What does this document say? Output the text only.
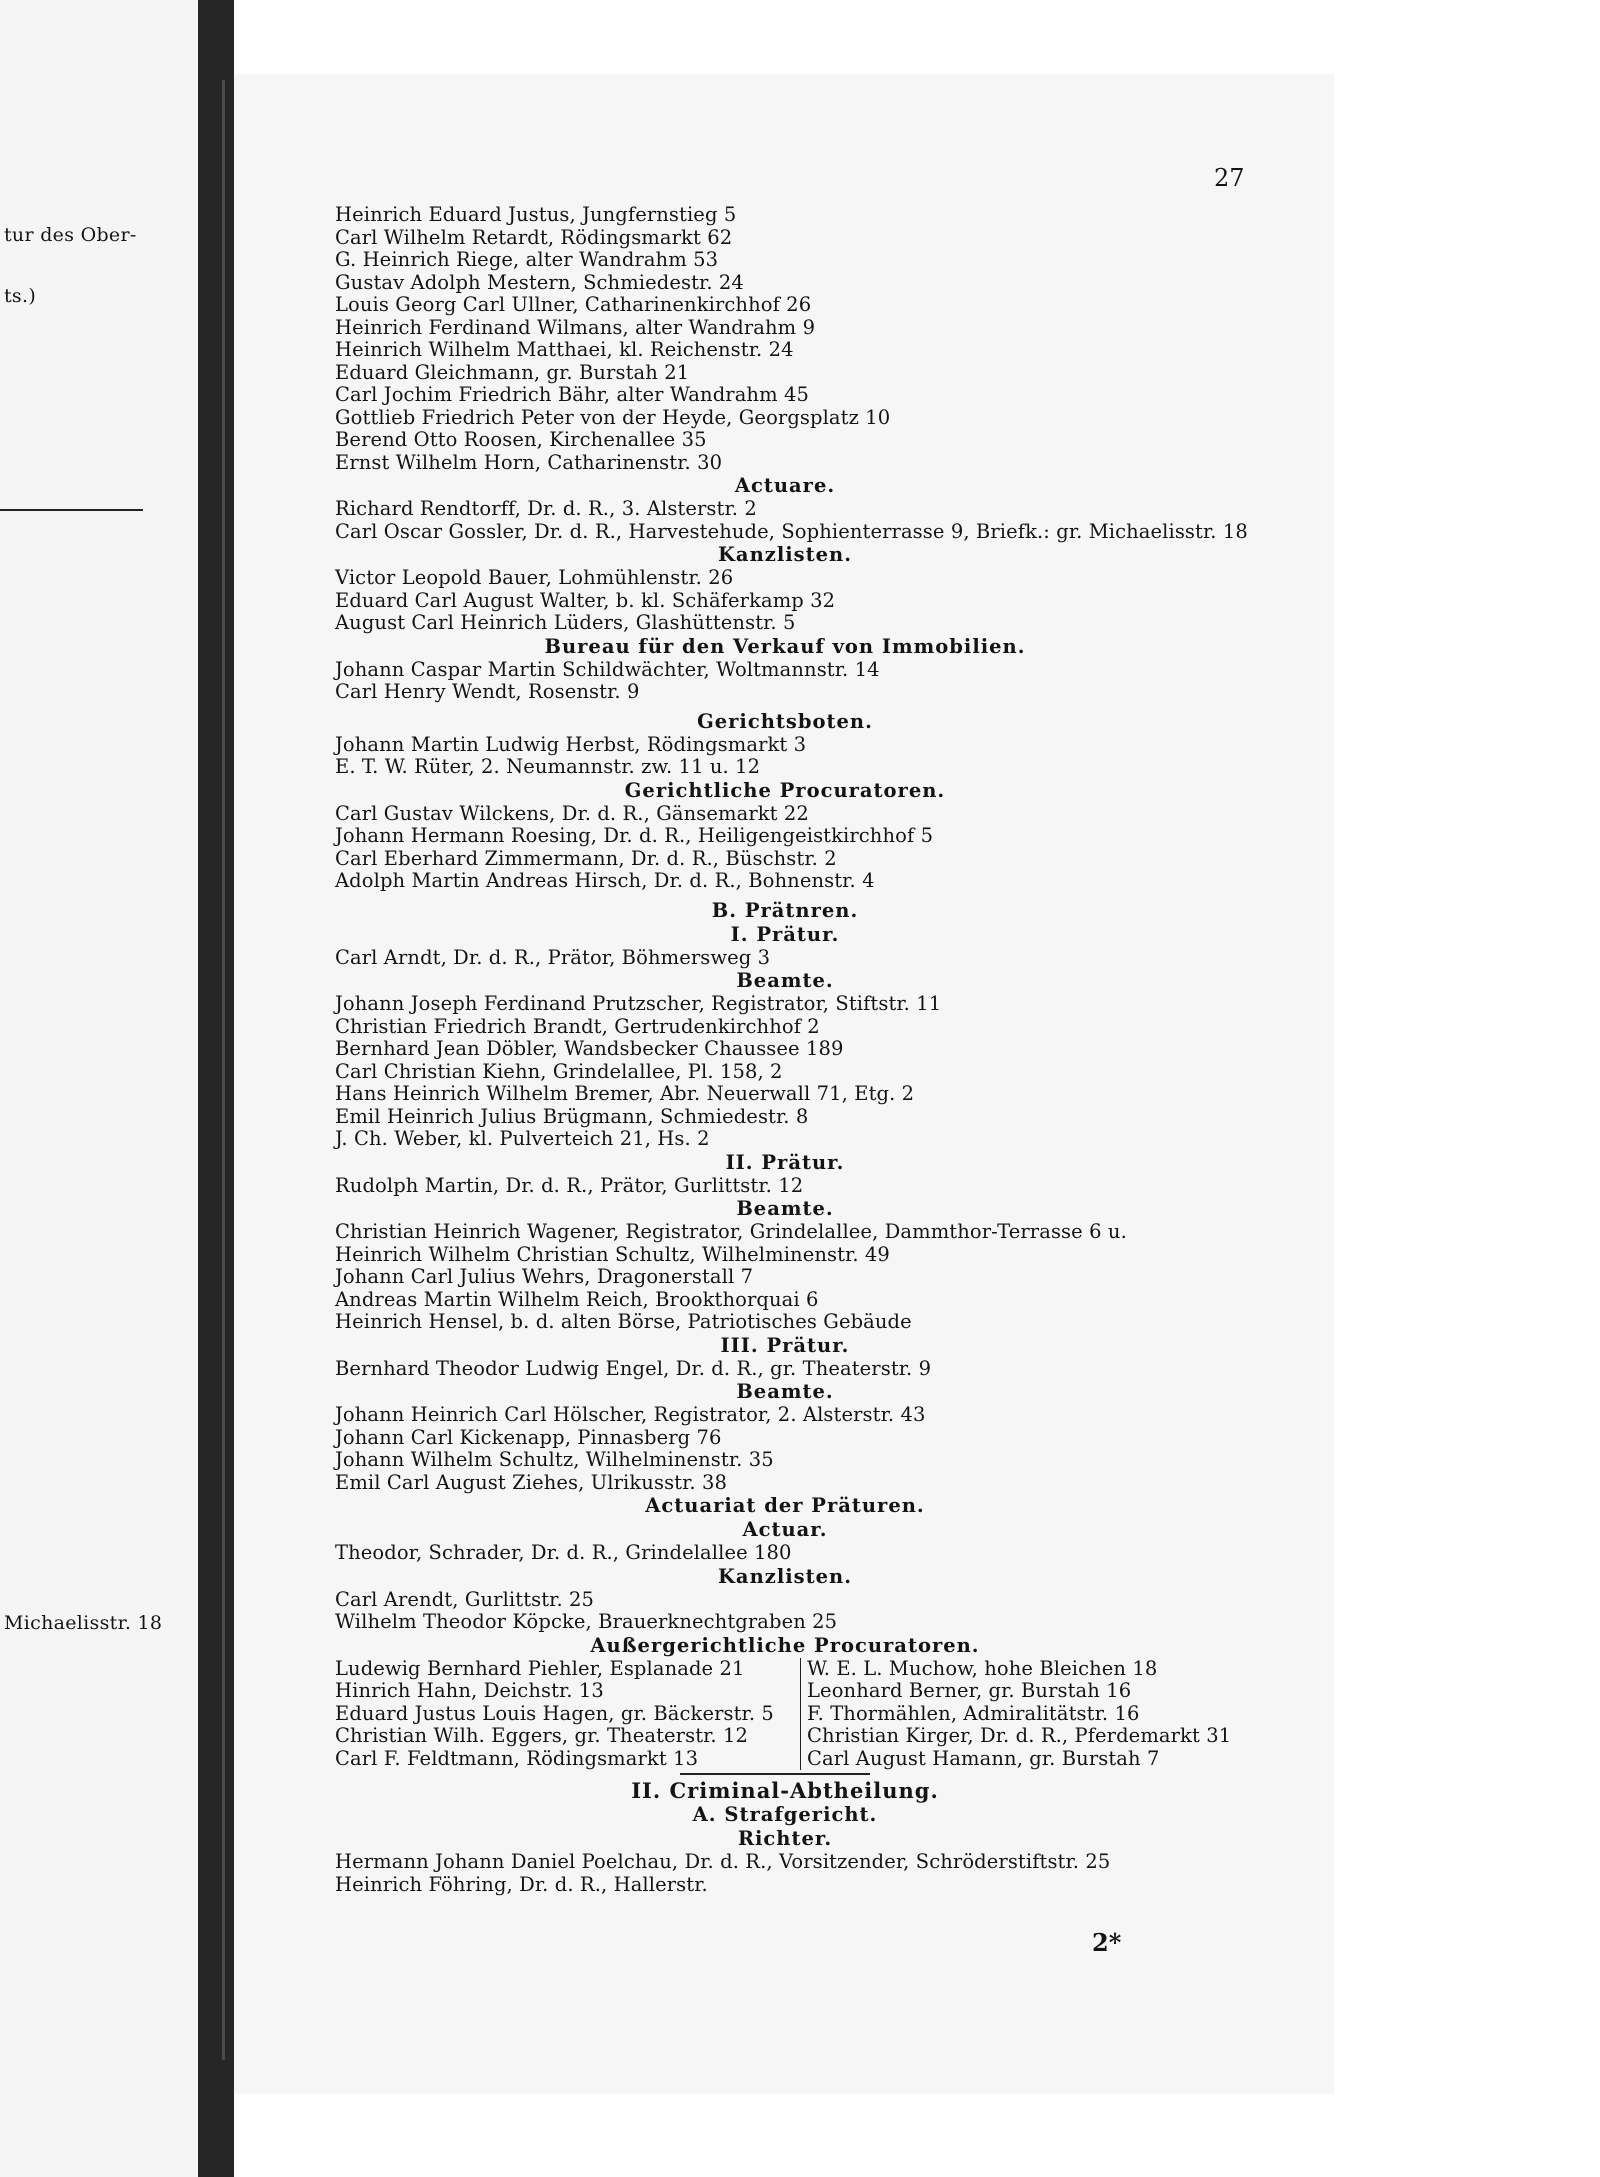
tur des Ober-
ts.)
Michaelisstr. 18
27
Heinrich Eduard Justus, Jungfernstieg 5
Carl Wilhelm Retardt, Rödingsmarkt 62
G. Heinrich Riege, alter Wandrahm 53
Gustav Adolph Mestern, Schmiedestr. 24
Louis Georg Carl Ullner, Catharinenkirchhof 26
Heinrich Ferdinand Wilmans, alter Wandrahm 9
Heinrich Wilhelm Matthaei, kl. Reichenstr. 24
Eduard Gleichmann, gr. Burstah 21
Carl Jochim Friedrich Bähr, alter Wandrahm 45
Gottlieb Friedrich Peter von der Heyde, Georgsplatz 10
Berend Otto Roosen, Kirchenallee 35
Ernst Wilhelm Horn, Catharinenstr. 30
Actuare.
Richard Rendtorff, Dr. d. R., 3. Alsterstr. 2
Carl Oscar Gossler, Dr. d. R., Harvestehude, Sophienterrasse 9, Briefk.: gr. Michaelisstr. 18
Kanzlisten.
Victor Leopold Bauer, Lohmühlenstr. 26
Eduard Carl August Walter, b. kl. Schäferkamp 32
August Carl Heinrich Lüders, Glashüttenstr. 5
Bureau für den Verkauf von Immobilien.
Johann Caspar Martin Schildwächter, Woltmannstr. 14
Carl Henry Wendt, Rosenstr. 9
Gerichtsboten.
Johann Martin Ludwig Herbst, Rödingsmarkt 3
E. T. W. Rüter, 2. Neumannstr. zw. 11 u. 12
Gerichtliche Procuratoren.
Carl Gustav Wilckens, Dr. d. R., Gänsemarkt 22
Johann Hermann Roesing, Dr. d. R., Heiligengeistkirchhof 5
Carl Eberhard Zimmermann, Dr. d. R., Büschstr. 2
Adolph Martin Andreas Hirsch, Dr. d. R., Bohnenstr. 4
B. Prätnren.
I. Prätur.
Carl Arndt, Dr. d. R., Prätor, Böhmersweg 3
Beamte.
Johann Joseph Ferdinand Prutzscher, Registrator, Stiftstr. 11
Christian Friedrich Brandt, Gertrudenkirchhof 2
Bernhard Jean Döbler, Wandsbecker Chaussee 189
Carl Christian Kiehn, Grindelallee, Pl. 158, 2
Hans Heinrich Wilhelm Bremer, Abr. Neuerwall 71, Etg. 2
Emil Heinrich Julius Brügmann, Schmiedestr. 8
J. Ch. Weber, kl. Pulverteich 21, Hs. 2
II. Prätur.
Rudolph Martin, Dr. d. R., Prätor, Gurlittstr. 12
Beamte.
Christian Heinrich Wagener, Registrator, Grindelallee, Dammthor-Terrasse 6 u.
Heinrich Wilhelm Christian Schultz, Wilhelminenstr. 49
Johann Carl Julius Wehrs, Dragonerstall 7
Andreas Martin Wilhelm Reich, Brookthorquai 6
Heinrich Hensel, b. d. alten Börse, Patriotisches Gebäude
III. Prätur.
Bernhard Theodor Ludwig Engel, Dr. d. R., gr. Theaterstr. 9
Beamte.
Johann Heinrich Carl Hölscher, Registrator, 2. Alsterstr. 43
Johann Carl Kickenapp, Pinnasberg 76
Johann Wilhelm Schultz, Wilhelminenstr. 35
Emil Carl August Ziehes, Ulrikusstr. 38
Actuariat der Präturen.
Actuar.
Theodor, Schrader, Dr. d. R., Grindelallee 180
Kanzlisten.
Carl Arendt, Gurlittstr. 25
Wilhelm Theodor Köpcke, Brauerknechtgraben 25
Außergerichtliche Procuratoren.
Ludewig Bernhard Piehler, Esplanade 21
Hinrich Hahn, Deichstr. 13
Eduard Justus Louis Hagen, gr. Bäckerstr. 5
Christian Wilh. Eggers, gr. Theaterstr. 12
Carl F. Feldtmann, Rödingsmarkt 13
W. E. L. Muchow, hohe Bleichen 18
Leonhard Berner, gr. Burstah 16
F. Thormählen, Admiralitätstr. 16
Christian Kirger, Dr. d. R., Pferdemarkt 31
Carl August Hamann, gr. Burstah 7
II. Criminal-Abtheilung.
A. Strafgericht.
Richter.
Hermann Johann Daniel Poelchau, Dr. d. R., Vorsitzender, Schröderstiftstr. 25
Heinrich Föhring, Dr. d. R., Hallerstr.
2*
